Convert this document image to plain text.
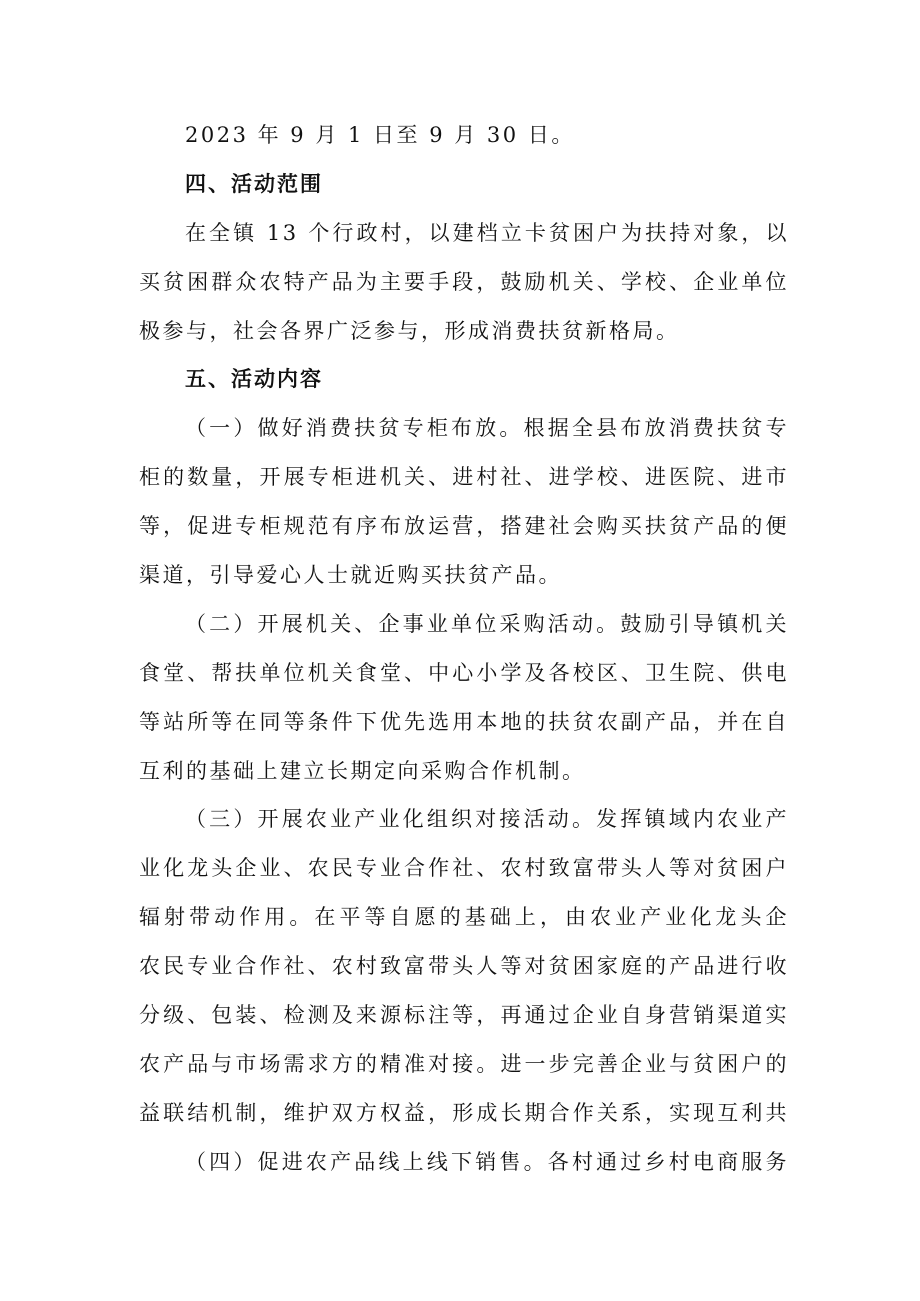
2023 年 9 月 1 日至 9 月 30 日。
四、活动范围
在全镇 13 个行政村，以建档立卡贫困户为扶持对象，以
买贫困群众农特产品为主要手段，鼓励机关、学校、企业单位
极参与，社会各界广泛参与，形成消费扶贫新格局。
五、活动内容
（一）做好消费扶贫专柜布放。根据全县布放消费扶贫专
柜的数量，开展专柜进机关、进村社、进学校、进医院、进市
等，促进专柜规范有序布放运营，搭建社会购买扶贫产品的便
渠道，引导爱心人士就近购买扶贫产品。
（二）开展机关、企事业单位采购活动。鼓励引导镇机关
食堂、帮扶单位机关食堂、中心小学及各校区、卫生院、供电
等站所等在同等条件下优先选用本地的扶贫农副产品，并在自
互利的基础上建立长期定向采购合作机制。
（三）开展农业产业化组织对接活动。发挥镇域内农业产
业化龙头企业、农民专业合作社、农村致富带头人等对贫困户
辐射带动作用。在平等自愿的基础上，由农业产业化龙头企
农民专业合作社、农村致富带头人等对贫困家庭的产品进行收
分级、包装、检测及来源标注等，再通过企业自身营销渠道实
农产品与市场需求方的精准对接。进一步完善企业与贫困户的
益联结机制，维护双方权益，形成长期合作关系，实现互利共
（四）促进农产品线上线下销售。各村通过乡村电商服务
